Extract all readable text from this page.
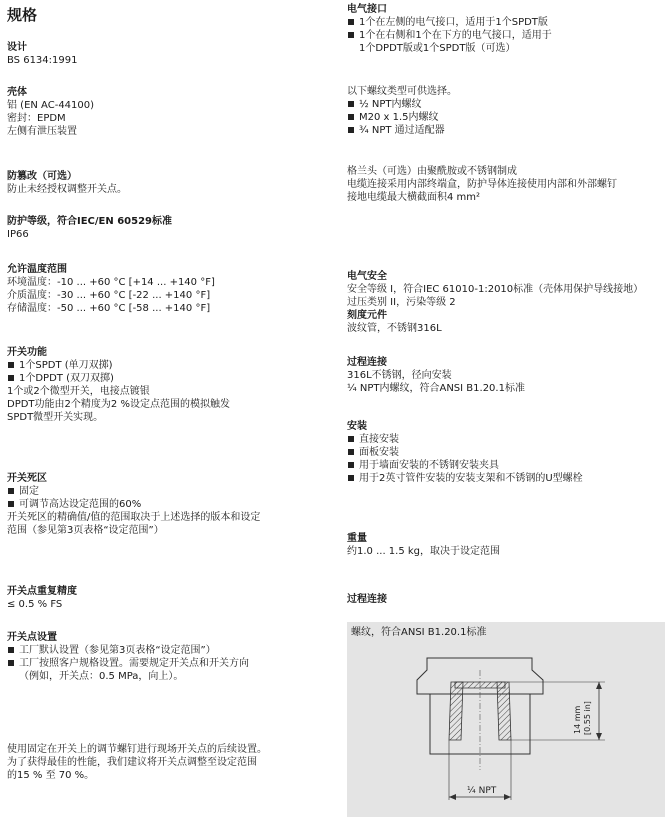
规格
设计
BS 6134:1991
壳体
铝 (EN AC-44100)
密封：EPDM
左侧有泄压装置
防篡改（可选）
防止未经授权调整开关点。
防护等级，符合IEC/EN 60529标准
IP66
允许温度范围
环境温度：-10 ... +60 °C [+14 ... +140 °F]
介质温度：-30 ... +60 °C [-22 ... +140 °F]
存储温度：-50 ... +60 °C [-58 ... +140 °F]
开关功能
1个SPDT (单刀双掷)
1个DPDT (双刀双掷)
1个或2个微型开关，电接点镀银
DPDT功能由2个精度为2 %设定点范围的模拟触发
SPDT微型开关实现。
开关死区
固定
可调节高达设定范围的60%
开关死区的精确值/值的范围取决于上述选择的版本和设定
范围（参见第3页表格“设定范围”）
开关点重复精度
≤ 0.5 % FS
开关点设置
工厂默认设置（参见第3页表格“设定范围”）
工厂按照客户规格设置。需要规定开关点和开关方向
（例如，开关点：0.5 MPa，向上）。
使用固定在开关上的调节螺钉进行现场开关点的后续设置。
为了获得最佳的性能，我们建议将开关点调整至设定范围
的15 % 至 70 %。
电气接口
1个在左侧的电气接口，适用于1个SPDT版
1个在右侧和1个在下方的电气接口，适用于
1个DPDT版或1个SPDT版（可选）
以下螺纹类型可供选择。
½ NPT内螺纹
M20 x 1.5内螺纹
¾ NPT 通过适配器
格兰头（可选）由聚酰胺或不锈钢制成
电缆连接采用内部终端盒，防护导体连接使用内部和外部螺钉
接地电缆最大横截面积4 mm²
电气安全
安全等级 I，符合IEC 61010-1:2010标准（壳体用保护导线接地）
过压类别 II，污染等级 2
刻度元件
波纹管，不锈钢316L
过程连接
316L不锈钢，径向安装
¼ NPT内螺纹，符合ANSI B1.20.1标准
安装
直接安装
面板安装
用于墙面安装的不锈钢安装夹具
用于2英寸管件安装的安装支架和不锈钢的U型螺栓
重量
约1.0 ... 1.5 kg，取决于设定范围
过程连接
螺纹，符合ANSI B1.20.1标准
14 mm [0.55 in]
¼ NPT
